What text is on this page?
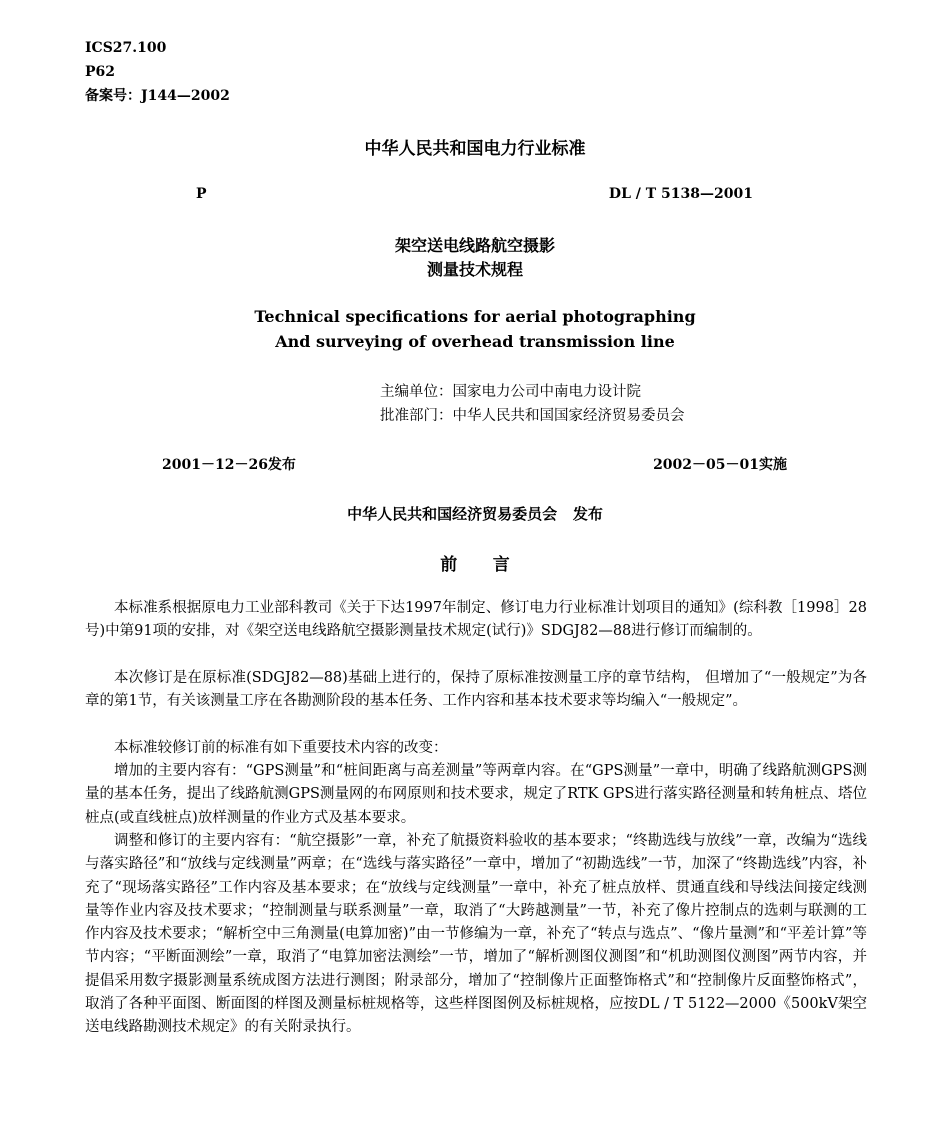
ICS27.100
P62
备案号：J144—2002
中华人民共和国电力行业标准
P	DL / T 5138—2001
架空送电线路航空摄影
测量技术规程
Technical specifications for aerial photographing
And surveying of overhead transmission line
主编单位：国家电力公司中南电力设计院
批准部门：中华人民共和国国家经济贸易委员会
2001－12－26发布	2002－05－01实施
中华人民共和国经济贸易委员会   发布
前      言
本标准系根据原电力工业部科教司《关于下达1997年制定、修订电力行业标准计划项目的通知》(综科教［1998］28号)中第91项的安排，对《架空送电线路航空摄影测量技术规定(试行)》SDGJ82—88进行修订而编制的。
本次修订是在原标准(SDGJ82—88)基础上进行的，保持了原标准按测量工序的章节结构， 但增加了“一般规定”为各章的第1节，有关该测量工序在各勘测阶段的基本任务、工作内容和基本技术要求等均编入“一般规定”。
本标准较修订前的标准有如下重要技术内容的改变：
增加的主要内容有：“GPS测量”和“桩间距离与高差测量”等两章内容。在“GPS测量”一章中，明确了线路航测GPS测量的基本任务，提出了线路航测GPS测量网的布网原则和技术要求，规定了RTK GPS进行落实路径测量和转角桩点、塔位桩点(或直线桩点)放样测量的作业方式及基本要求。
调整和修订的主要内容有：“航空摄影”一章，补充了航摄资料验收的基本要求；“终勘选线与放线”一章，改编为“选线与落实路径”和“放线与定线测量”两章；在“选线与落实路径”一章中，增加了“初勘选线”一节，加深了“终勘选线”内容，补充了“现场落实路径”工作内容及基本要求；在“放线与定线测量”一章中，补充了桩点放样、贯通直线和导线法间接定线测量等作业内容及技术要求；“控制测量与联系测量”一章，取消了“大跨越测量”一节，补充了像片控制点的选刺与联测的工作内容及技术要求；“解析空中三角测量(电算加密)”由一节修编为一章，补充了“转点与选点”、“像片量测”和“平差计算”等节内容；“平断面测绘”一章，取消了“电算加密法测绘”一节，增加了“解析测图仪测图”和“机助测图仪测图”两节内容，并提倡采用数字摄影测量系统成图方法进行测图；附录部分，增加了“控制像片正面整饰格式”和“控制像片反面整饰格式”，取消了各种平面图、断面图的样图及测量标桩规格等，这些样图图例及标桩规格，应按DL / T 5122—2000《500kV架空送电线路勘测技术规定》的有关附录执行。
